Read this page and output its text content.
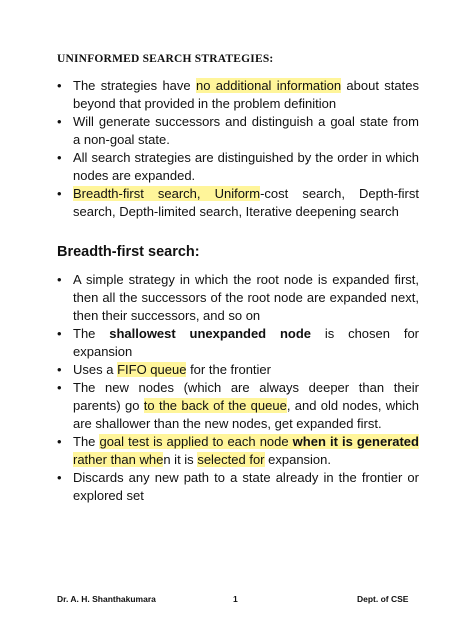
UNINFORMED SEARCH STRATEGIES:
• The strategies have no additional information about states beyond that provided in the problem definition
• Will generate successors and distinguish a goal state from a non-goal state.
• All search strategies are distinguished by the order in which nodes are expanded.
• Breadth-first search, Uniform-cost search, Depth-first search, Depth-limited search, Iterative deepening search
Breadth-first search:
• A simple strategy in which the root node is expanded first, then all the successors of the root node are expanded next, then their successors, and so on
• The shallowest unexpanded node is chosen for expansion
• Uses a FIFO queue for the frontier
• The new nodes (which are always deeper than their parents) go to the back of the queue, and old nodes, which are shallower than the new nodes, get expanded first.
• The goal test is applied to each node when it is generated rather than when it is selected for expansion.
• Discards any new path to a state already in the frontier or explored set
Dr. A. H. Shanthakumara	1	Dept. of CSE
